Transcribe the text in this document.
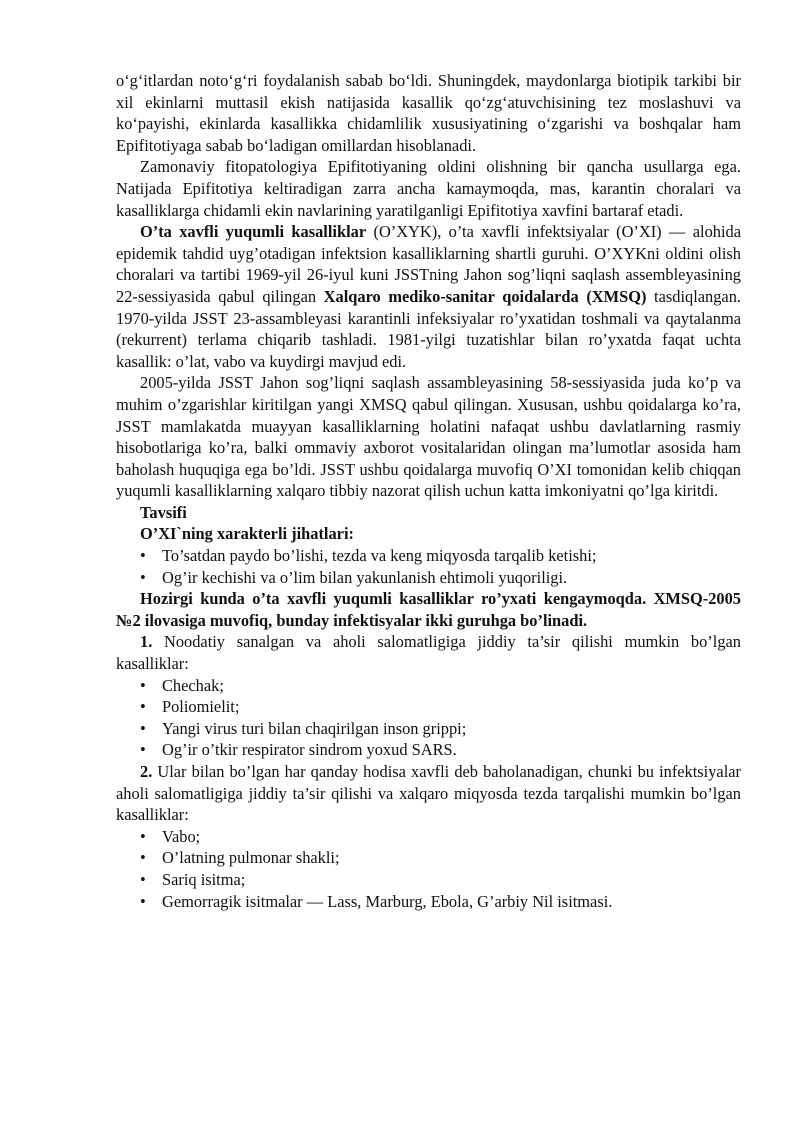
o‘g‘itlardan noto‘g‘ri foydalanish sabab bo‘ldi. Shuningdek, maydonlarga biotipik tarkibi bir xil ekinlarni muttasil ekish natijasida kasallik qo‘zg‘atuvchisining tez moslashuvi va ko‘payishi, ekinlarda kasallikka chidamlilik xususiyatining o‘zgarishi va boshqalar ham Epifitotiyaga sabab bo‘ladigan omillardan hisoblanadi.

Zamonaviy fitopatologiya Epifitotiyaning oldini olishning bir qancha usullarga ega. Natijada Epifitotiya keltiradigan zarra ancha kamaymoqda, mas, karantin choralari va kasalliklarga chidamli ekin navlarining yaratilganligi Epifitotiya xavfini bartaraf etadi.

O’ta xavfli yuqumli kasalliklar (O’XYK), o’ta xavfli infektsiyalar (O’XI) — alohida epidemik tahdid uyg’otadigan infektsion kasalliklarning shartli guruhi. O’XYKni oldini olish choralari va tartibi 1969-yil 26-iyul kuni JSSTning Jahon sog’liqni saqlash assembleyasining 22-sessiyasida qabul qilingan Xalqaro mediko-sanitar qoidalarda (XMSQ) tasdiqlangan. 1970-yilda JSST 23-assambleyasi karantinli infeksiyalar ro’yxatidan toshmali va qaytalanma (rekurrent) terlama chiqarib tashladi. 1981-yilgi tuzatishlar bilan ro’yxatda faqat uchta kasallik: o’lat, vabo va kuydirgi mavjud edi.

2005-yilda JSST Jahon sog’liqni saqlash assambleyasining 58-sessiyasida juda ko’p va muhim o’zgarishlar kiritilgan yangi XMSQ qabul qilingan. Xususan, ushbu qoidalarga ko’ra, JSST mamlakatda muayyan kasalliklarning holatini nafaqat ushbu davlatlarning rasmiy hisobotlariga ko’ra, balki ommaviy axborot vositalaridan olingan ma’lumotlar asosida ham baholash huquqiga ega bo’ldi. JSST ushbu qoidalarga muvofiq O’XI tomonidan kelib chiqqan yuqumli kasalliklarning xalqaro tibbiy nazorat qilish uchun katta imkoniyatni qo’lga kiritdi.

Tavsifi

O’XI`ning xarakterli jihatlari:

• To’satdan paydo bo’lishi, tezda va keng miqyosda tarqalib ketishi;
• Og’ir kechishi va o’lim bilan yakunlanish ehtimoli yuqoriligi.

Hozirgi kunda o’ta xavfli yuqumli kasalliklar ro’yxati kengaymoqda. XMSQ-2005 №2 ilovasiga muvofiq, bunday infektisyalar ikki guruhga bo’linadi.

1. Noodatiy sanalgan va aholi salomatligiga jiddiy ta’sir qilishi mumkin bo’lgan kasalliklar:

• Chechak;
• Poliomielit;
• Yangi virus turi bilan chaqirilgan inson grippi;
• Og’ir o’tkir respirator sindrom yoxud SARS.

2. Ular bilan bo’lgan har qanday hodisa xavfli deb baholanadigan, chunki bu infektsiyalar aholi salomatligiga jiddiy ta’sir qilishi va xalqaro miqyosda tezda tarqalishi mumkin bo’lgan kasalliklar:

• Vabo;
• O’latning pulmonar shakli;
• Sariq isitma;
• Gemorragik isitmalar — Lass, Marburg, Ebola, G’arbiy Nil isitmasi.
